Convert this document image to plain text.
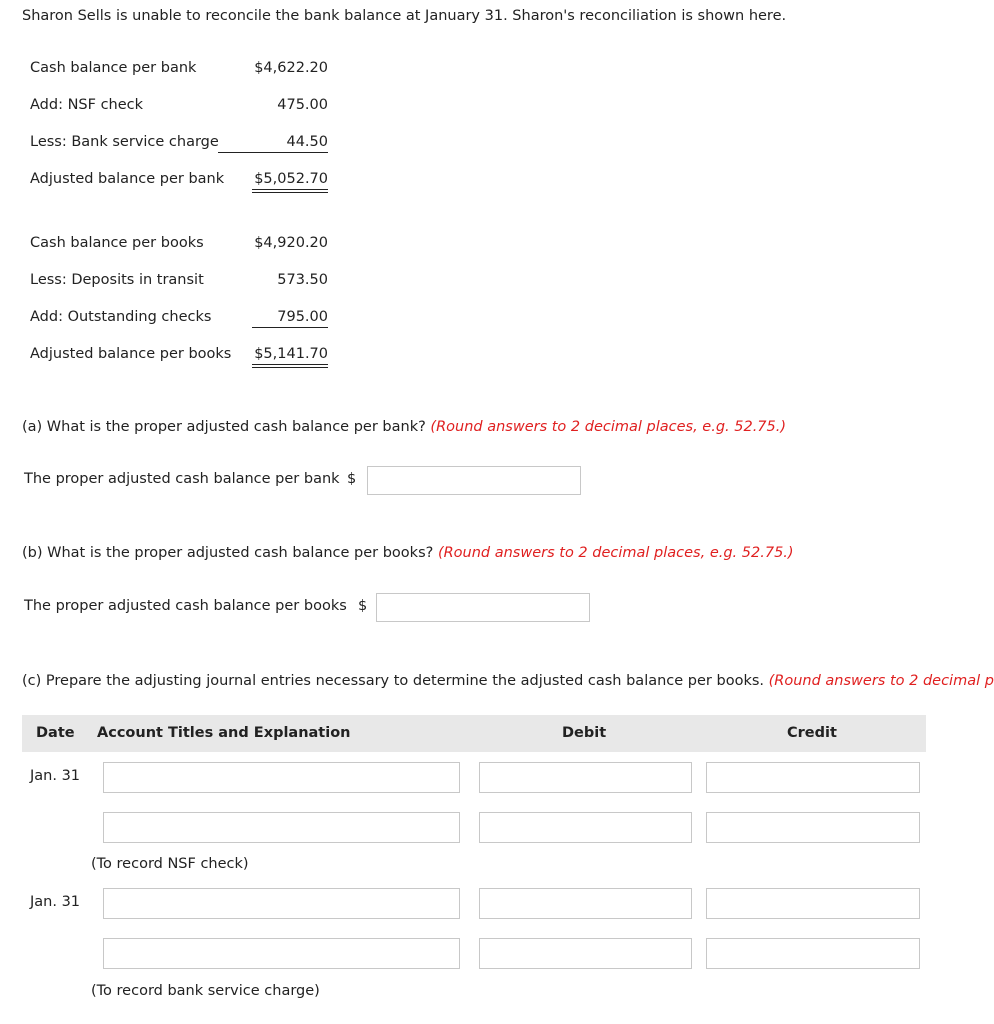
Sharon Sells is unable to reconcile the bank balance at January 31. Sharon's reconciliation is shown here.
Cash balance per bank	$4,622.20
Add: NSF check	475.00
Less: Bank service charge	44.50
Adjusted balance per bank $5,052.70
Cash balance per books	$4,920.20
Less: Deposits in transit	573.50
Add: Outstanding checks	795.00
Adjusted balance per books $5,141.70
(a) What is the proper adjusted cash balance per bank? (Round answers to 2 decimal places, e.g. 52.75.)
The proper adjusted cash balance per bank $
(b) What is the proper adjusted cash balance per books? (Round answers to 2 decimal places, e.g. 52.75.)
The proper adjusted cash balance per books $
(c) Prepare the adjusting journal entries necessary to determine the adjusted cash balance per books. (Round answers to 2 decimal p
Date Account Titles and Explanation	Debit	Credit
Jan. 31
(To record NSF check)
Jan. 31
(To record bank service charge)
